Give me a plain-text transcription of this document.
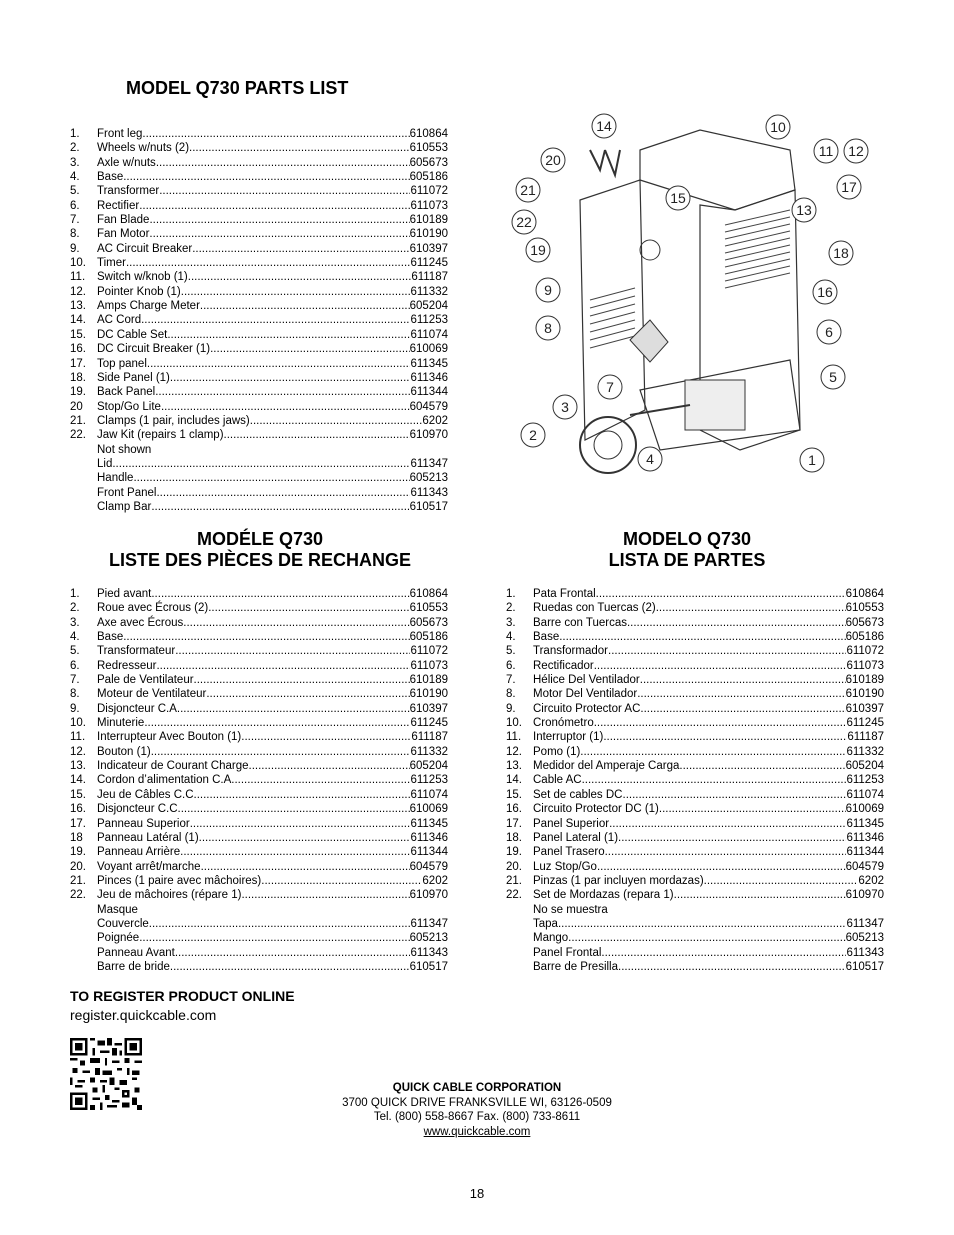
MODEL Q730 PARTS LIST
1.	Front leg .....	610864
2.	Wheels w/nuts (2) .....	610553
3.	Axle w/nuts .....	605673
4.	Base .....	605186
5.	Transformer .....	611072
6.	Rectifier .....	611073
7.	Fan Blade .....	610189
8.	Fan Motor .....	610190
9.	AC Circuit Breaker .....	610397
10. Timer .....	611245
11.	Switch w/knob (1) .....	611187
12. Pointer Knob (1) .....	611332
13. Amps Charge Meter .....	605204
14. AC Cord .....	611253
15. DC Cable Set .....	611074
16. DC Circuit Breaker (1) .....	610069
17. Top panel .....	611345
18. Side Panel (1) .....	611346
19. Back Panel .....	611344
20	Stop/Go Lite .....	604579
21. Clamps (1 pair, includes jaws) .....	6202
22. Jaw Kit (repairs 1 clamp) .....	610970
Not shown
Lid .....	611347
Handle .....	605213
Front Panel .....	611343
Clamp Bar .....	610517
1
2
3
4
5
6
7
8
9
10
11 12
13
14
15
16
17
18
19
20
21
22
MODÉLE Q730
LISTE DES PIÈCES DE RECHANGE
1.	Pied avant .....	610864
2.	Roue avec Écrous (2) .....	610553
3.	Axe avec Écrous .....	605673
4.	Base .....	605186
5.	Transformateur .....	611072
6.	Redresseur .....	611073
7.	Pale de Ventilateur .....	610189
8.	Moteur de Ventilateur .....	610190
9.	Disjoncteur C.A. .....	610397
10. Minuterie .....	611245
11.	Interrupteur Avec Bouton (1) .....	611187
12. Bouton (1) .....	611332
13. Indicateur de Courant Charge .....	605204
14. Cordon d’alimentation C.A .....	611253
15. Jeu de Câbles C.C .....	611074
16. Disjoncteur C.C .....	610069
17. Panneau Superior .....	611345
18	Panneau Latéral (1) .....	611346
19. Panneau Arrière .....	611344
20. Voyant arrêt/marche .....	604579
21. Pinces (1 paire avec mâchoires) .....	6202
22. Jeu de mâchoires (répare 1) .....	610970
Masque
Couvercle .....	611347
Poignée .....	605213
Panneau Avant .....	611343
Barre de bride .....	610517
MODELO Q730
LISTA DE PARTES
1.	Pata Frontal .....	610864
2.	Ruedas con Tuercas (2) .....	610553
3.	Barre con Tuercas .....	605673
4.	Base. .....	605186
5.	Transformador .....	611072
6.	Rectificador .....	611073
7.	Hélice Del Ventilador .....	610189
8.	Motor Del Ventilador .....	610190
9.	Circuito Protector AC .....	610397
10. Cronómetro .....	611245
11.	Interruptor (1) .....	611187
12. Pomo (1) .....	611332
13. Medidor del Amperaje Carga .....	605204
14. Cable AC .....	611253
15. Set de cables DC .....	611074
16. Circuito Protector DC (1) .....	610069
17. Panel Superior .....	611345
18. Panel Lateral (1) .....	611346
19. Panel Trasero .....	611344
20. Luz Stop/Go .....	604579
21. Pinzas (1 par incluyen mordazas) .....	6202
22. Set de Mordazas (repara 1) .....	610970
No se muestra
Tapa .....	611347
Mango .....	605213
Panel Frontal .....	611343
Barre de Presilla .....	610517
TO REGISTER PRODUCT ONLINE
register.quickcable.com
QUICK CABLE CORPORATION
3700 QUICK DRIVE FRANKSVILLE WI, 63126-0509
Tel. (800) 558-8667 Fax. (800) 733-8611
www.quickcable.com
18
